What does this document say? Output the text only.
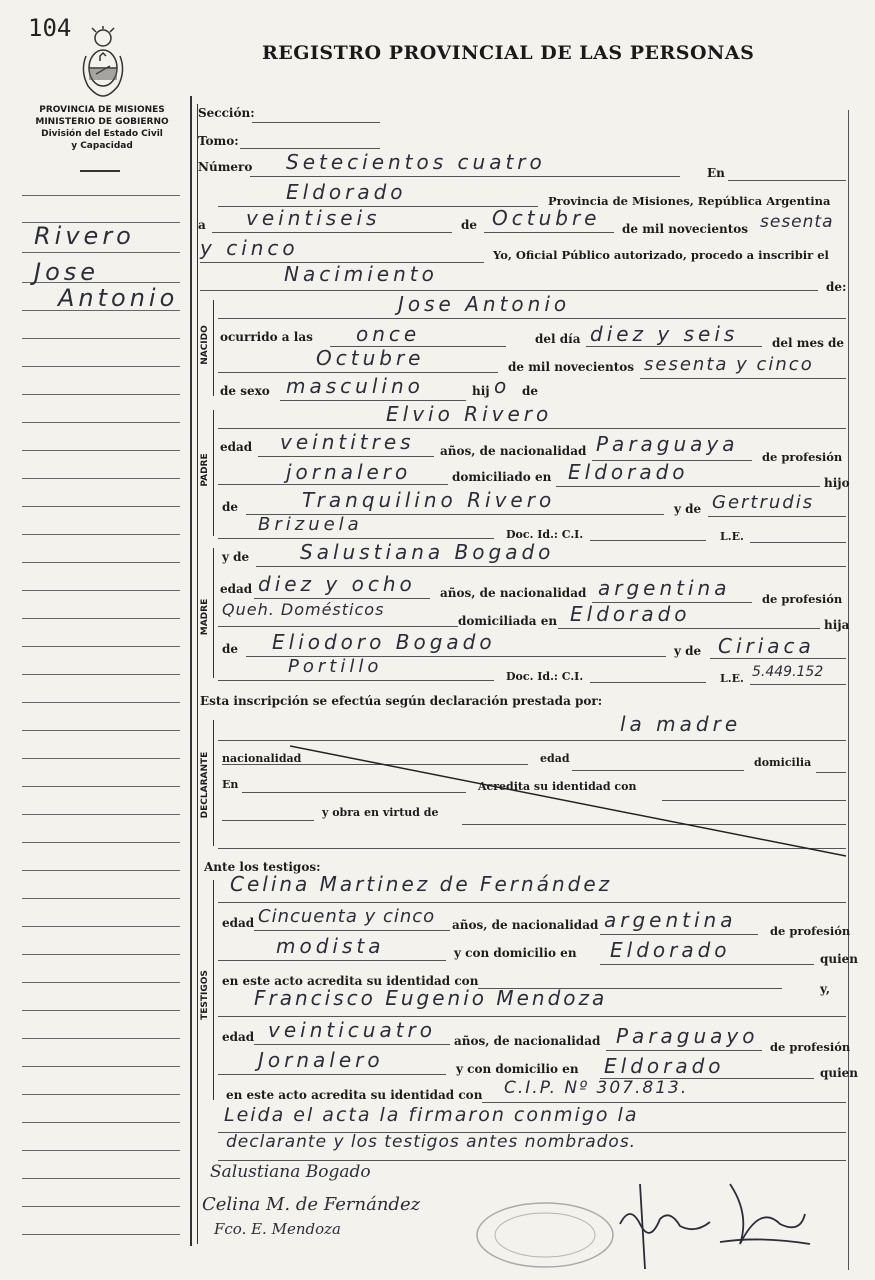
104
REGISTRO PROVINCIAL DE LAS PERSONAS
PROVINCIA DE MISIONES
MINISTERIO DE GOBIERNO
División del Estado Civil
y Capacidad
Rivero
Jose
Antonio
NACIDO
PADRE
MADRE
DECLARANTE
TESTIGOS
Sección:
Tomo:
Número Setecientos cuatro	En
Eldorado	Provincia de Misiones, República Argentina
a veintiseis	de Octubre de mil novecientos sesenta
y cinco	Yo, Oficial Público autorizado, procedo a inscribir el
Nacimiento
de:
Jose Antonio
ocurrido a las once	del día diez y seis	del mes de
Octubre	de mil novecientos sesenta y cinco
de sexo masculino	hij o de
Elvio Rivero
edad veintitres años, de nacionalidad Paraguaya
de profesión
jornalero	domiciliado en Eldorado	hijo
de	Tranquilino Rivero	y de Gertrudis
Brizuela	Doc. Id.: C.I.	L.E.
y de	Salustiana Bogado
edad diez y ocho años, de nacionalidad argentina	de profesión
Queh. Domésticos
domiciliada en Eldorado	hija
de Eliodoro Bogado	y de Ciriaca
Portillo	Doc. Id.: C.I.	L.E. 5.449.152
Esta inscripción se efectúa según declaración prestada por:
la madre
nacionalidad	edad	domicilia
En	Acredita su identidad con
y obra en virtud de
Ante los testigos:
Celina Martinez de Fernández
edad Cincuenta y cinco años, de nacionalidad argentina	de profesión
modista	y con domicilio en Eldorado	quien
en este acto acredita su identidad con
y,
Francisco Eugenio Mendoza
edad veinticuatro años, de nacionalidad Paraguayo de profesión
Jornalero	y con domicilio en Eldorado	quien
en este acto acredita su identidad con C.I.P. Nº 307.813.
Leida el acta la firmaron conmigo la
declarante y los testigos antes nombrados.
Salustiana Bogado
Celina M. de Fernández
Fco. E. Mendoza
